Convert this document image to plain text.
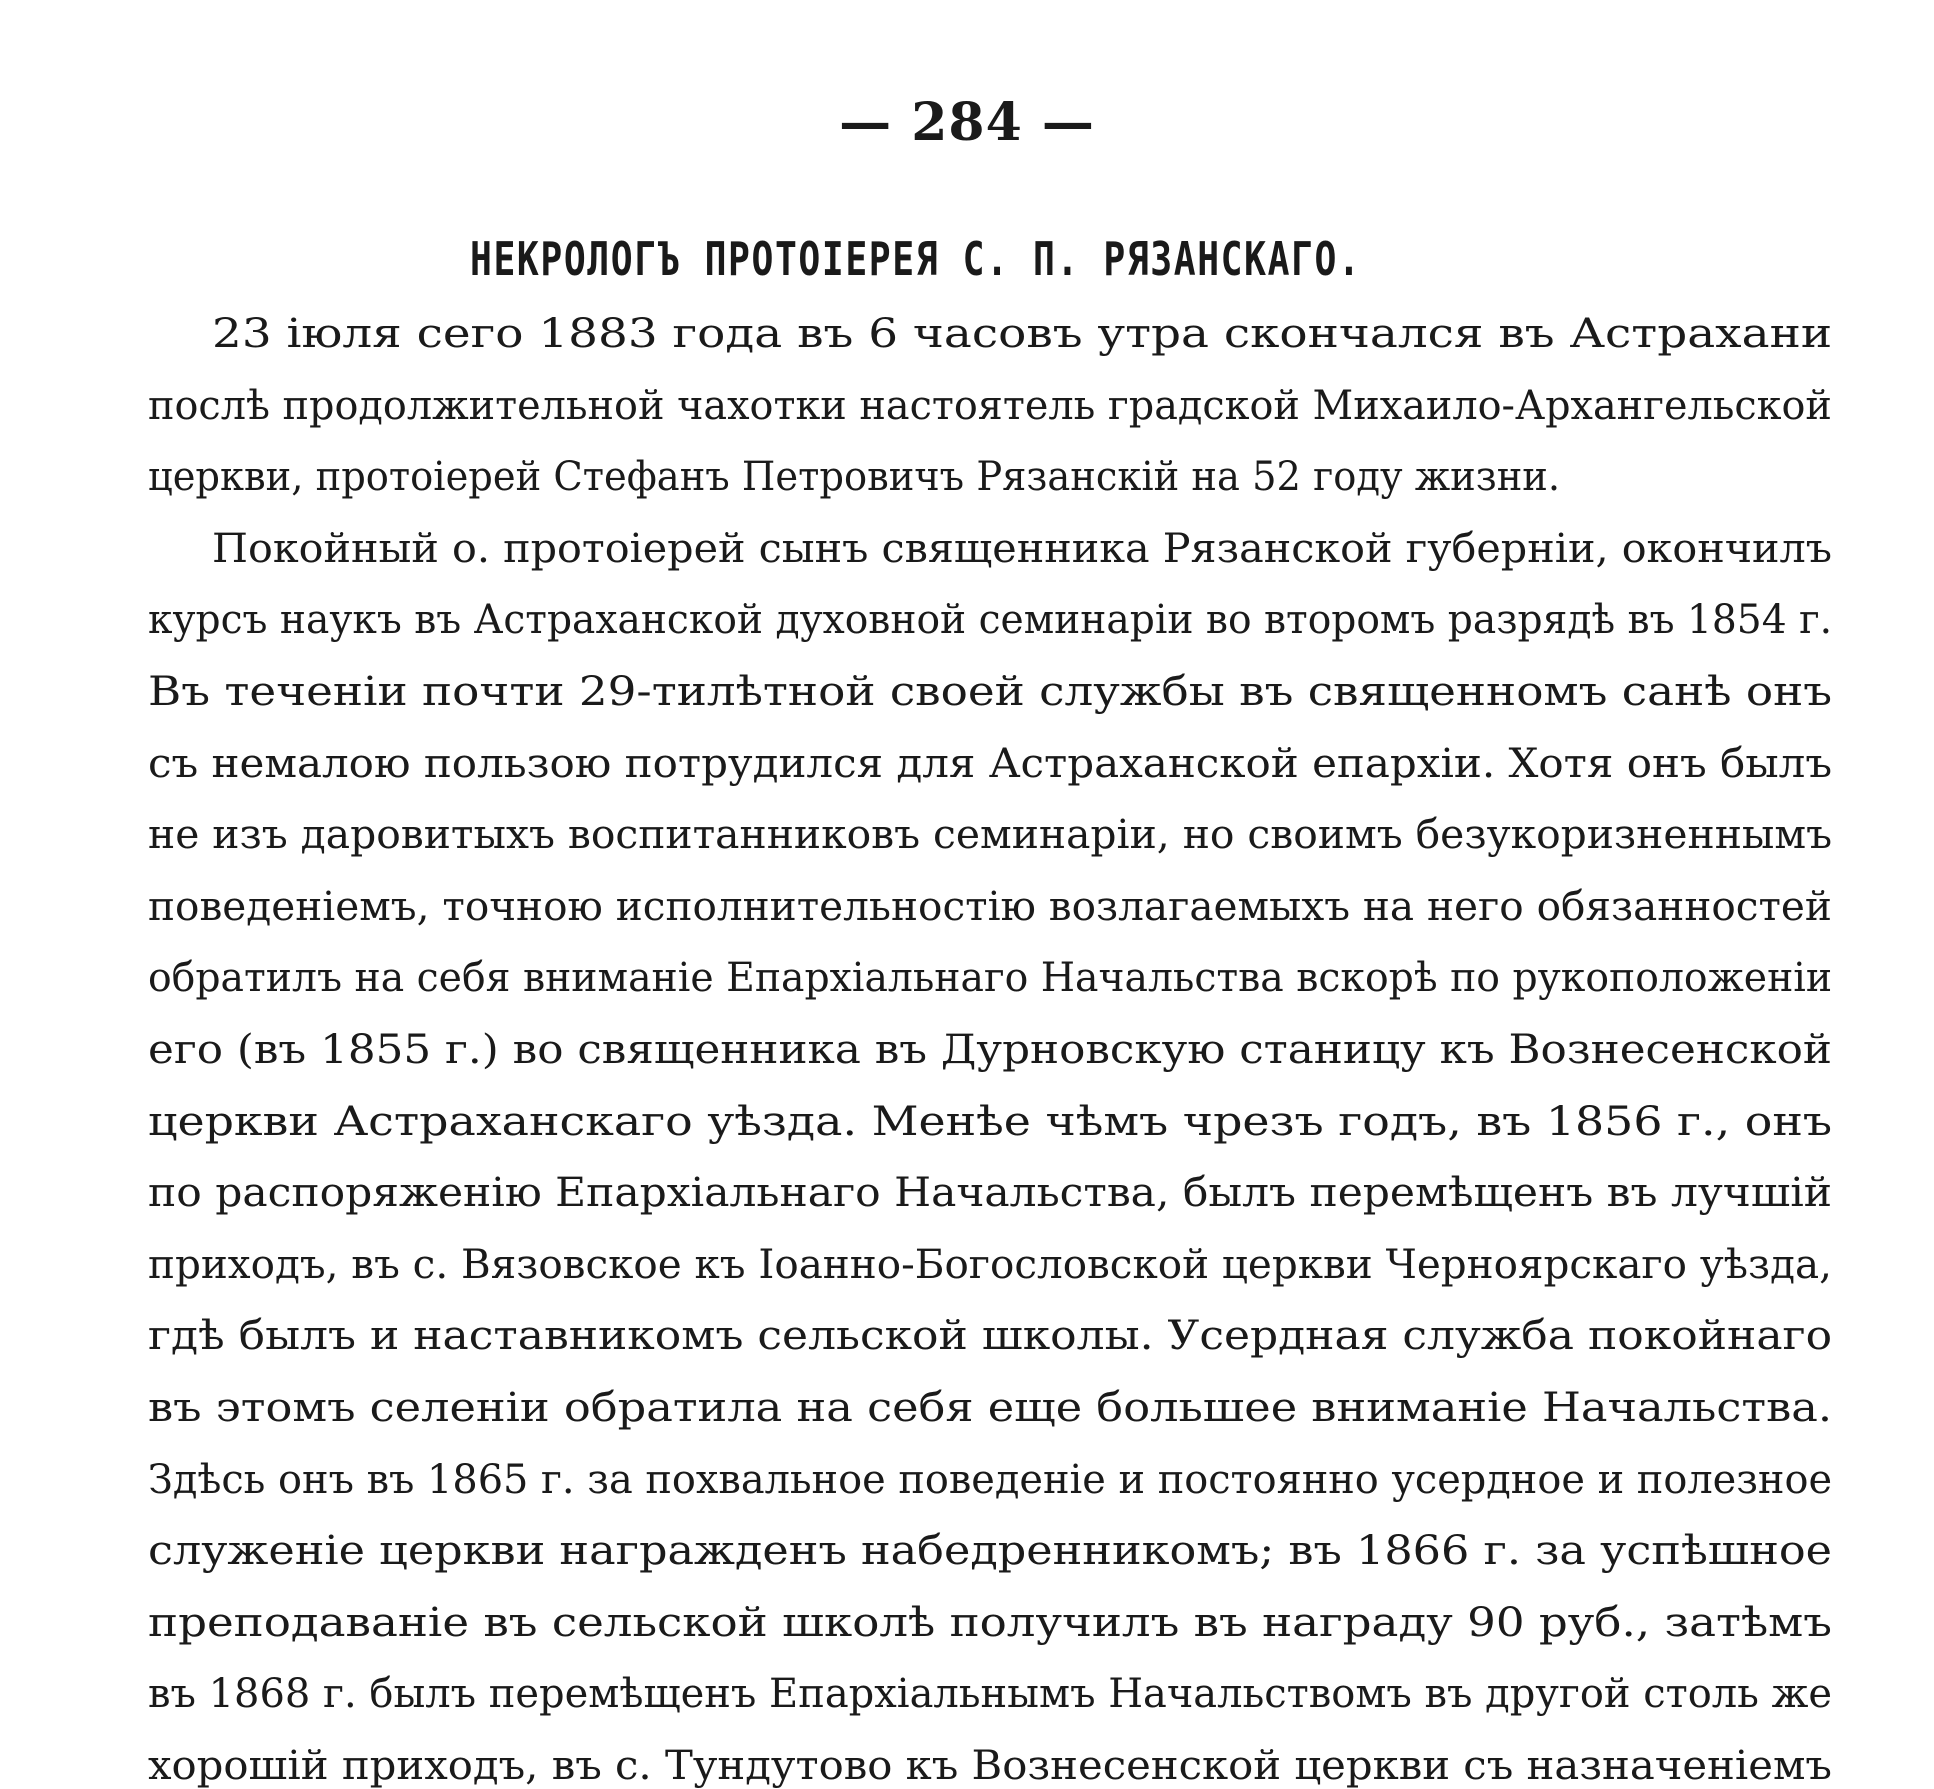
— 284 —
НЕКРОЛОГЪ ПРОТОІЕРЕЯ С. П. РЯЗАНСКАГО.
23 іюля сего 1883 года въ 6 часовъ утра скончался въ Астрахани
послѣ продолжительной чахотки настоятель градской Михаило-Архангельской
церкви, протоіерей Стефанъ Петровичъ Рязанскій на 52 году жизни.
Покойный о. протоіерей сынъ священника Рязанской губерніи, окончилъ
курсъ наукъ въ Астраханской духовной семинаріи во второмъ разрядѣ въ 1854 г.
Въ теченіи почти 29-тилѣтной своей службы въ священномъ санѣ онъ
съ немалою пользою потрудился для Астраханской епархіи. Хотя онъ былъ
не изъ даровитыхъ воспитанниковъ семинаріи, но своимъ безукоризненнымъ
поведеніемъ, точною исполнительностію возлагаемыхъ на него обязанностей
обратилъ на себя вниманіе Епархіальнаго Начальства вскорѣ по рукоположеніи
его (въ 1855 г.) во священника въ Дурновскую станицу къ Вознесенской
церкви Астраханскаго уѣзда. Менѣе чѣмъ чрезъ годъ, въ 1856 г., онъ
по распоряженію Епархіальнаго Начальства, былъ перемѣщенъ въ лучшій
приходъ, въ с. Вязовское къ Іоанно-Богословской церкви Черноярскаго уѣзда,
гдѣ былъ и наставникомъ сельской школы. Усердная служба покойнаго
въ этомъ селеніи обратила на себя еще большее вниманіе Начальства.
Здѣсь онъ въ 1865 г. за похвальное поведеніе и постоянно усердное и полезное
служеніе церкви награжденъ набедренникомъ; въ 1866 г. за успѣшное
преподаваніе въ сельской школѣ получилъ въ награду 90 руб., затѣмъ
въ 1868 г. былъ перемѣщенъ Епархіальнымъ Начальствомъ въ другой столь же
хорошій приходъ, въ с. Тундутово къ Вознесенской церкви съ назначеніемъ
